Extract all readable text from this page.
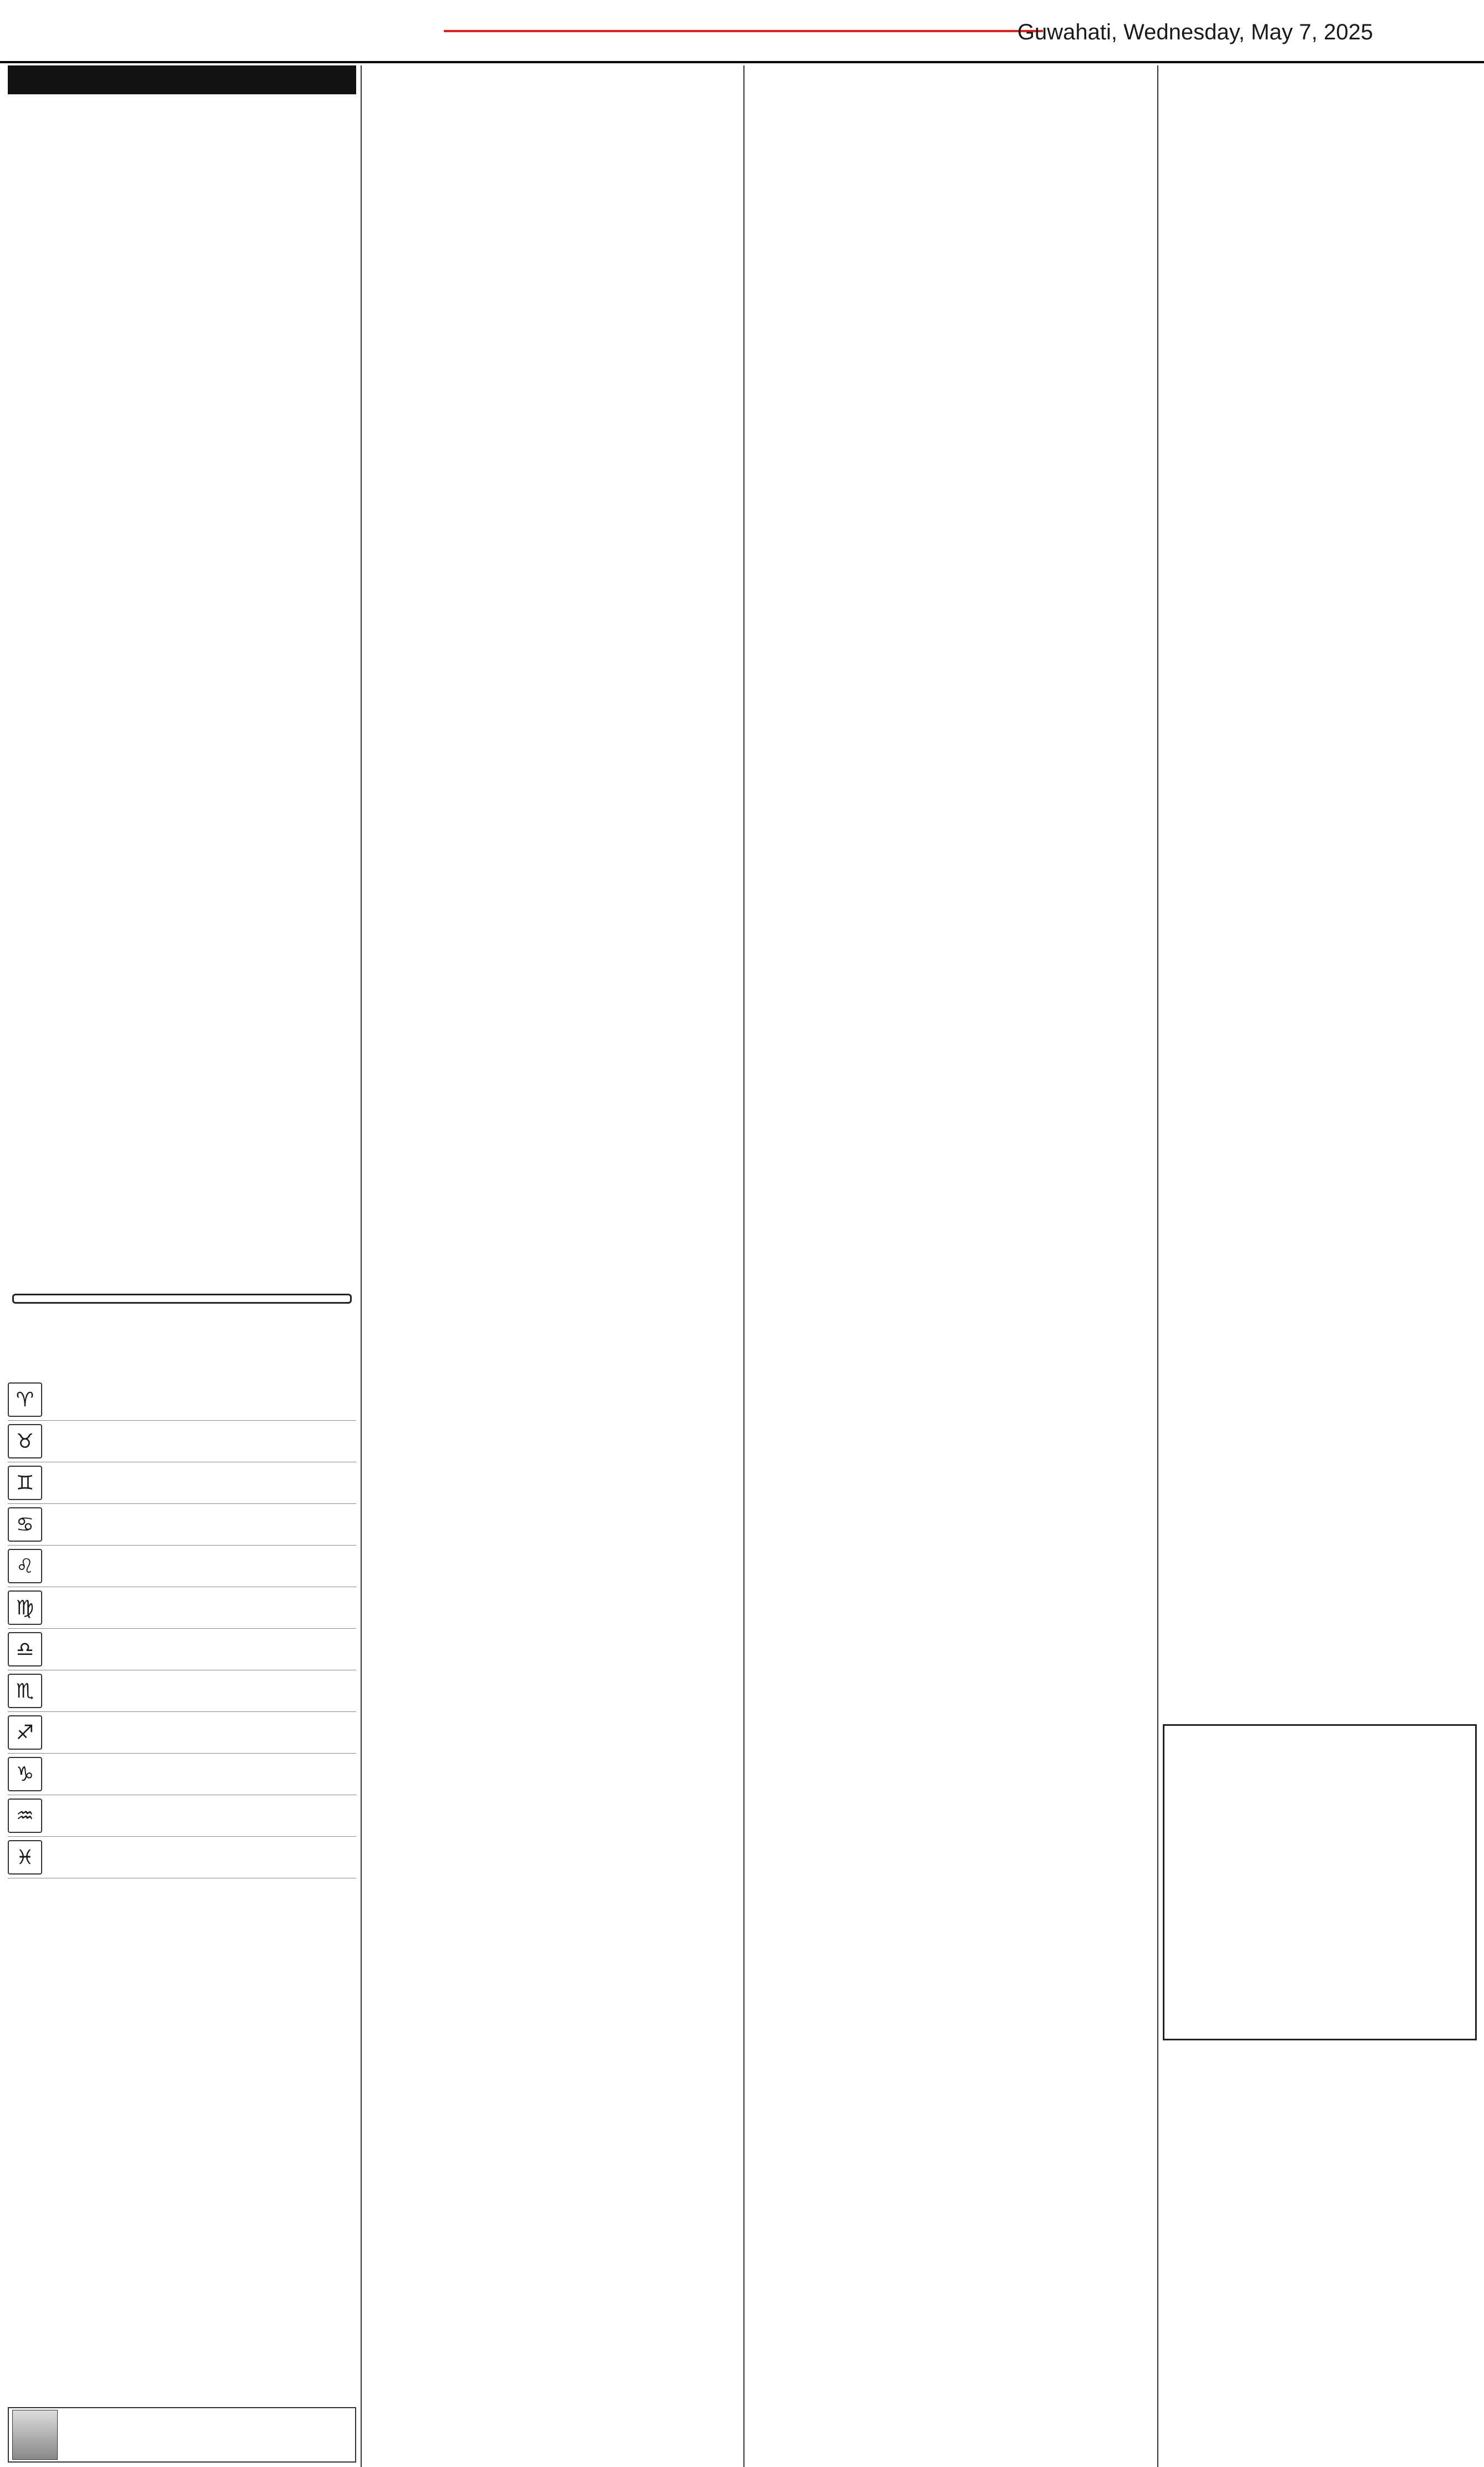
Guwahati, Wednesday, May 7, 2025
♈
♉
♊
♋
♌
♍
♎
♏
♐
♑
♒
♓
